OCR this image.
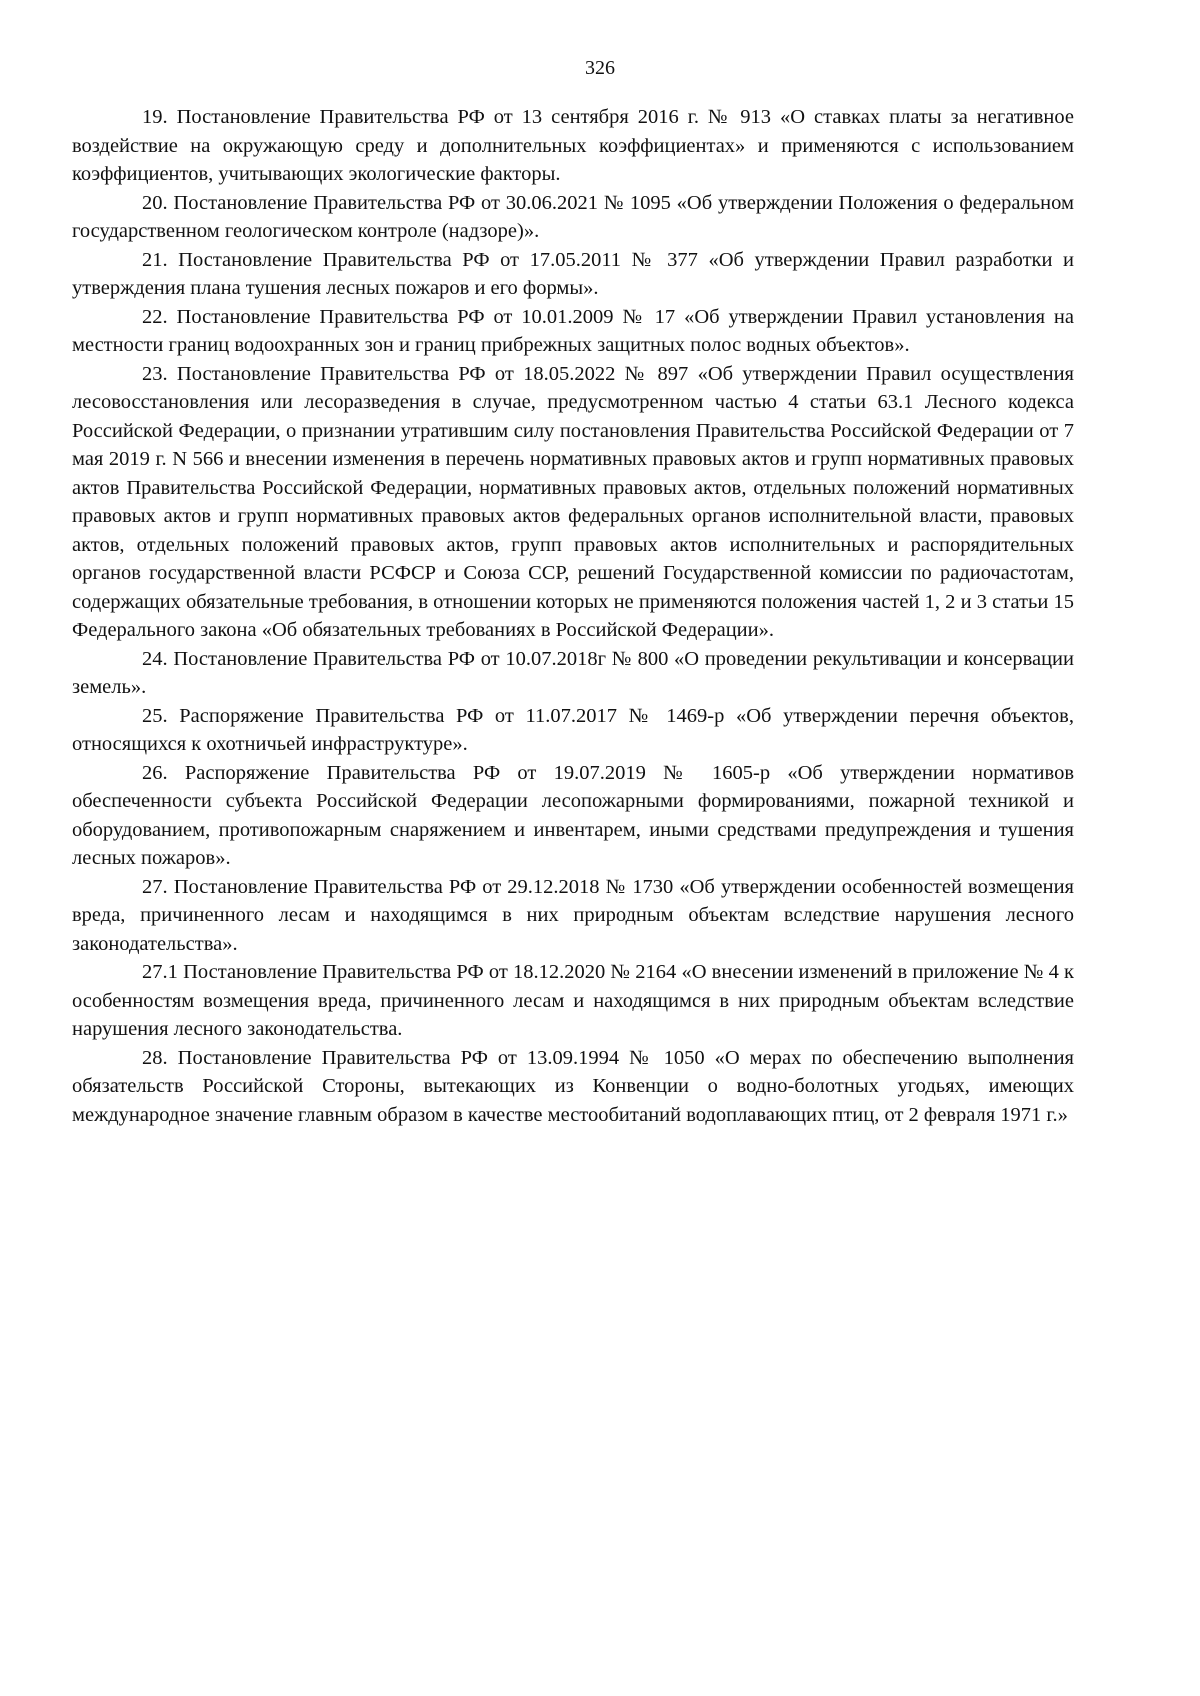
326

19. Постановление Правительства РФ от 13 сентября 2016 г. № 913 «О ставках платы за негативное воздействие на окружающую среду и дополнительных коэффициентах» и применяются с использованием коэффициентов, учитывающих экологические факторы.

20. Постановление Правительства РФ от 30.06.2021 № 1095 «Об утверждении Положения о федеральном государственном геологическом контроле (надзоре)».

21. Постановление Правительства РФ от 17.05.2011 № 377 «Об утверждении Правил разработки и утверждения плана тушения лесных пожаров и его формы».

22. Постановление Правительства РФ от 10.01.2009 № 17 «Об утверждении Правил установления на местности границ водоохранных зон и границ прибрежных защитных полос водных объектов».

23. Постановление Правительства РФ от 18.05.2022 № 897 «Об утверждении Правил осуществления лесовосстановления или лесоразведения в случае, предусмотренном частью 4 статьи 63.1 Лесного кодекса Российской Федерации, о признании утратившим силу постановления Правительства Российской Федерации от 7 мая 2019 г. N 566 и внесении изменения в перечень нормативных правовых актов и групп нормативных правовых актов Правительства Российской Федерации, нормативных правовых актов, отдельных положений нормативных правовых актов и групп нормативных правовых актов федеральных органов исполнительной власти, правовых актов, отдельных положений правовых актов, групп правовых актов исполнительных и распорядительных органов государственной власти РСФСР и Союза ССР, решений Государственной комиссии по радиочастотам, содержащих обязательные требования, в отношении которых не применяются положения частей 1, 2 и 3 статьи 15 Федерального закона «Об обязательных требованиях в Российской Федерации».

24. Постановление Правительства РФ от 10.07.2018г № 800 «О проведении рекультивации и консервации земель».

25. Распоряжение Правительства РФ от 11.07.2017 № 1469-р «Об утверждении перечня объектов, относящихся к охотничьей инфраструктуре».

26. Распоряжение Правительства РФ от 19.07.2019 № 1605-р «Об утверждении нормативов обеспеченности субъекта Российской Федерации лесопожарными формированиями, пожарной техникой и оборудованием, противопожарным снаряжением и инвентарем, иными средствами предупреждения и тушения лесных пожаров».

27. Постановление Правительства РФ от 29.12.2018 № 1730 «Об утверждении особенностей возмещения вреда, причиненного лесам и находящимся в них природным объектам вследствие нарушения лесного законодательства».

27.1 Постановление Правительства РФ от 18.12.2020 № 2164 «О внесении изменений в приложение № 4 к особенностям возмещения вреда, причиненного лесам и находящимся в них природным объектам вследствие нарушения лесного законодательства.

28. Постановление Правительства РФ от 13.09.1994 № 1050 «О мерах по обеспечению выполнения обязательств Российской Стороны, вытекающих из Конвенции о водно-болотных угодьях, имеющих международное значение главным образом в качестве местообитаний водоплавающих птиц, от 2 февраля 1971 г.»
